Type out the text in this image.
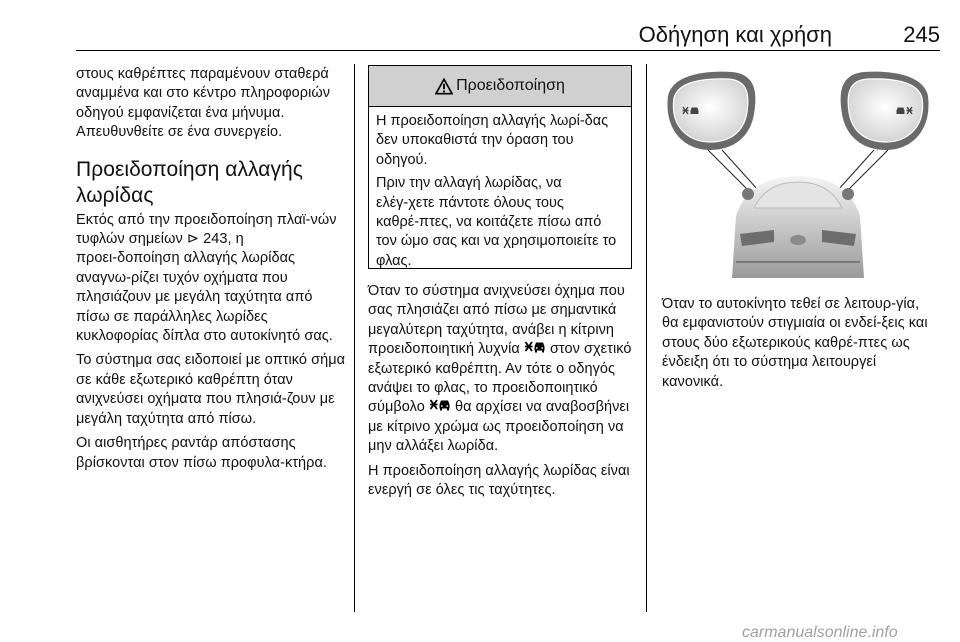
Οδήγηση και χρήση	245

στους καθρέπτες παραμένουν σταθερά αναμμένα και στο κέντρο πληροφοριών οδηγού εμφανίζεται ένα μήνυμα. Απευθυνθείτε σε ένα συνεργείο.

Προειδοποίηση αλλαγής λωρίδας

Εκτός από την προειδοποίηση πλαϊ‑νών τυφλών σημείων ⊳ 243, η προει‑δοποίηση αλλαγής λωρίδας αναγνω‑ρίζει τυχόν οχήματα που πλησιάζουν με μεγάλη ταχύτητα από πίσω σε παράλληλες λωρίδες κυκλοφορίας δίπλα στο αυτοκίνητό σας.

Το σύστημα σας ειδοποιεί με οπτικό σήμα σε κάθε εξωτερικό καθρέπτη όταν ανιχνεύσει οχήματα που πλησιά‑ζουν με μεγάλη ταχύτητα από πίσω.

Οι αισθητήρες ραντάρ απόστασης βρίσκονται στον πίσω προφυλα‑κτήρα.

Προειδοποίηση

Η προειδοποίηση αλλαγής λωρί‑δας δεν υποκαθιστά την όραση του οδηγού.

Πριν την αλλαγή λωρίδας, να ελέγ‑χετε πάντοτε όλους τους καθρέ‑πτες, να κοιτάζετε πίσω από τον ώμο σας και να χρησιμοποιείτε το φλας.

Όταν το σύστημα ανιχνεύσει όχημα που σας πλησιάζει από πίσω με σημαντικά μεγαλύτερη ταχύτητα, ανάβει η κίτρινη προειδοποιητική λυχνία  στον σχετικό εξωτερικό καθρέπτη. Αν τότε ο οδηγός ανάψει το φλας, το προειδοποιητικό σύμβολο  θα αρχίσει να αναβοσβήνει με κίτρινο χρώμα ως προειδοποίηση να μην αλλάξει λωρίδα.

Η προειδοποίηση αλλαγής λωρίδας είναι ενεργή σε όλες τις ταχύτητες.

Όταν το αυτοκίνητο τεθεί σε λειτουρ‑γία, θα εμφανιστούν στιγμιαία οι ενδεί‑ξεις και στους δύο εξωτερικούς καθρέ‑πτες ως ένδειξη ότι το σύστημα λειτουργεί κανονικά.

carmanualsonline.info
